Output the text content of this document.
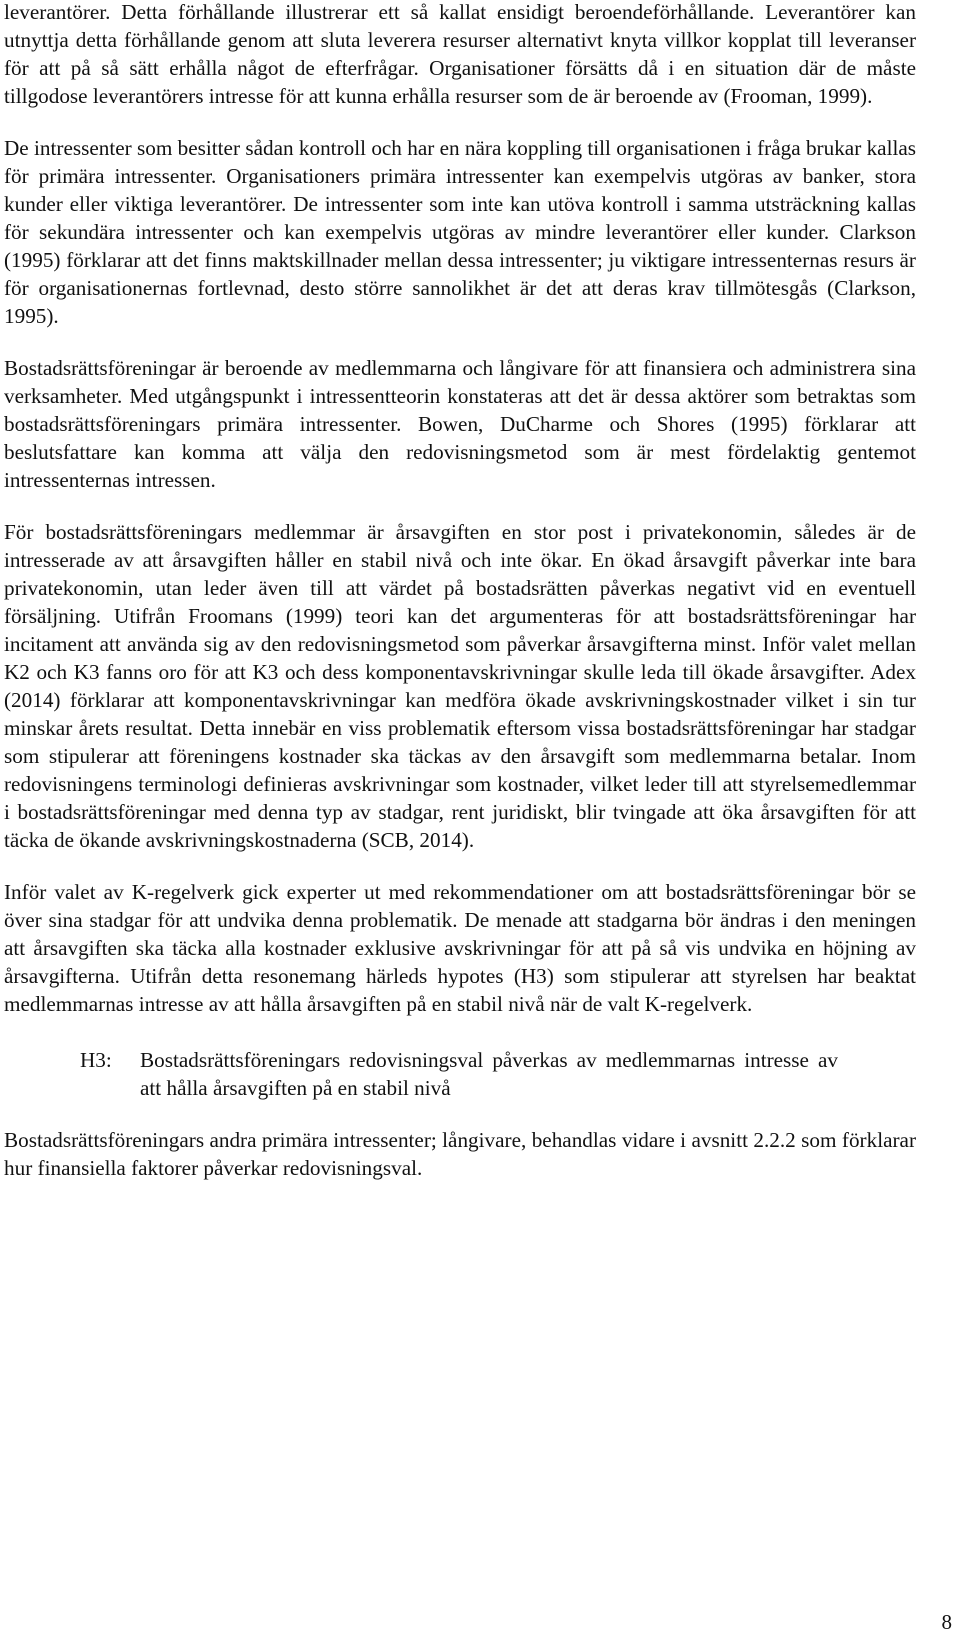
leverantörer. Detta förhållande illustrerar ett så kallat ensidigt beroendeförhållande. Leverantörer kan utnyttja detta förhållande genom att sluta leverera resurser alternativt knyta villkor kopplat till leveranser för att på så sätt erhålla något de efterfrågar. Organisationer försätts då i en situation där de måste tillgodose leverantörers intresse för att kunna erhålla resurser som de är beroende av (Frooman, 1999).

De intressenter som besitter sådan kontroll och har en nära koppling till organisationen i fråga brukar kallas för primära intressenter. Organisationers primära intressenter kan exempelvis utgöras av banker, stora kunder eller viktiga leverantörer. De intressenter som inte kan utöva kontroll i samma utsträckning kallas för sekundära intressenter och kan exempelvis utgöras av mindre leverantörer eller kunder. Clarkson (1995) förklarar att det finns maktskillnader mellan dessa intressenter; ju viktigare intressenternas resurs är för organisationernas fortlevnad, desto större sannolikhet är det att deras krav tillmötesgås (Clarkson, 1995).

Bostadsrättsföreningar är beroende av medlemmarna och långivare för att finansiera och administrera sina verksamheter. Med utgångspunkt i intressentteorin konstateras att det är dessa aktörer som betraktas som bostadsrättsföreningars primära intressenter. Bowen, DuCharme och Shores (1995) förklarar att beslutsfattare kan komma att välja den redovisningsmetod som är mest fördelaktig gentemot intressenternas intressen.

För bostadsrättsföreningars medlemmar är årsavgiften en stor post i privatekonomin, således är de intresserade av att årsavgiften håller en stabil nivå och inte ökar. En ökad årsavgift påverkar inte bara privatekonomin, utan leder även till att värdet på bostadsrätten påverkas negativt vid en eventuell försäljning. Utifrån Froomans (1999) teori kan det argumenteras för att bostadsrättsföreningar har incitament att använda sig av den redovisningsmetod som påverkar årsavgifterna minst. Inför valet mellan K2 och K3 fanns oro för att K3 och dess komponentavskrivningar skulle leda till ökade årsavgifter. Adex (2014) förklarar att komponentavskrivningar kan medföra ökade avskrivningskostnader vilket i sin tur minskar årets resultat. Detta innebär en viss problematik eftersom vissa bostadsrättsföreningar har stadgar som stipulerar att föreningens kostnader ska täckas av den årsavgift som medlemmarna betalar. Inom redovisningens terminologi definieras avskrivningar som kostnader, vilket leder till att styrelsemedlemmar i bostadsrättsföreningar med denna typ av stadgar, rent juridiskt, blir tvingade att öka årsavgiften för att täcka de ökande avskrivningskostnaderna (SCB, 2014).

Inför valet av K-regelverk gick experter ut med rekommendationer om att bostadsrättsföreningar bör se över sina stadgar för att undvika denna problematik. De menade att stadgarna bör ändras i den meningen att årsavgiften ska täcka alla kostnader exklusive avskrivningar för att på så vis undvika en höjning av årsavgifterna. Utifrån detta resonemang härleds hypotes (H3) som stipulerar att styrelsen har beaktat medlemmarnas intresse av att hålla årsavgiften på en stabil nivå när de valt K-regelverk.

H3:	Bostadsrättsföreningars redovisningsval påverkas av medlemmarnas intresse av att hålla årsavgiften på en stabil nivå

Bostadsrättsföreningars andra primära intressenter; långivare, behandlas vidare i avsnitt 2.2.2 som förklarar hur finansiella faktorer påverkar redovisningsval.

8
